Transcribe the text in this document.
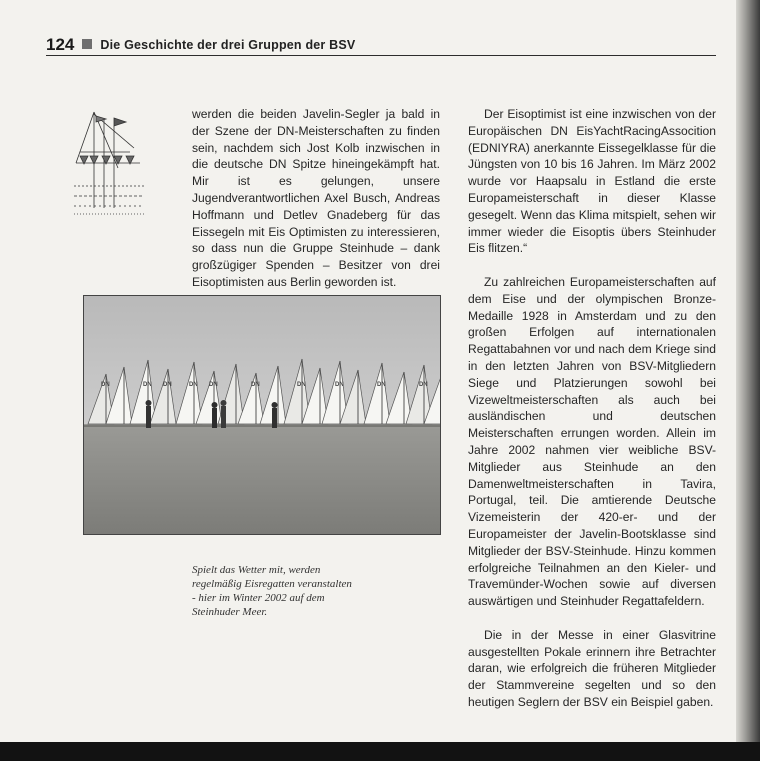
124 Die Geschichte der drei Gruppen der BSV

werden die beiden Javelin-Segler ja bald in der Szene der DN-Meisterschaften zu finden sein, nachdem sich Jost Kolb inzwischen in die deutsche DN Spitze hineingekämpft hat. Mir ist es gelungen, unsere Jugendverantwortlichen Axel Busch, Andreas Hoffmann und Detlev Gnadeberg für das Eissegeln mit Eis Optimisten zu interessieren, so dass nun die Gruppe Steinhude – dank großzügiger Spenden – Besitzer von drei Eisoptimisten aus Berlin geworden ist.

DN	DN	DN	DN	DN	DN	DN
DN	DN	DN

Der Eisoptimist ist eine inzwischen von der Europäischen DN EisYachtRacingAssocition (EDNIYRA) anerkannte Eissegelklasse für die Jüngsten von 10 bis 16 Jahren. Im März 2002 wurde vor Haapsalu in Estland die erste Europameisterschaft in dieser Klasse gesegelt. Wenn das Klima mitspielt, sehen wir immer wieder die Eisoptis übers Steinhuder Eis flitzen.“

Zu zahlreichen Europameisterschaften auf dem Eise und der olympischen Bronze-Medaille 1928 in Amsterdam und zu den großen Erfolgen auf internationalen Regattabahnen vor und nach dem Kriege sind in den letzten Jahren von BSV-Mitgliedern Siege und Platzierungen sowohl bei Vizeweltmeisterschaften als auch bei ausländischen und deutschen Meisterschaften errungen worden. Allein im Jahre 2002 nahmen vier weibliche BSV-Mitglieder aus Steinhude an den Damenweltmeisterschaften in Tavira, Portugal, teil. Die amtierende Deutsche Vizemeisterin der 420-er- und der Europameister der Javelin-Bootsklasse sind Mitglieder der BSV-Steinhude. Hinzu kommen erfolgreiche Teilnahmen an den Kieler- und Travemünder-Wochen sowie auf diversen auswärtigen und Steinhuder Regattafeldern.

Die in der Messe in einer Glasvitrine ausgestellten Pokale erinnern ihre Betrachter daran, wie erfolgreich die früheren Mitglieder der Stammvereine segelten und so den heutigen Seglern der BSV ein Beispiel gaben.

Spielt das Wetter mit, werden regelmäßig Eisregatten veranstalten - hier im Winter 2002 auf dem Steinhuder Meer.
